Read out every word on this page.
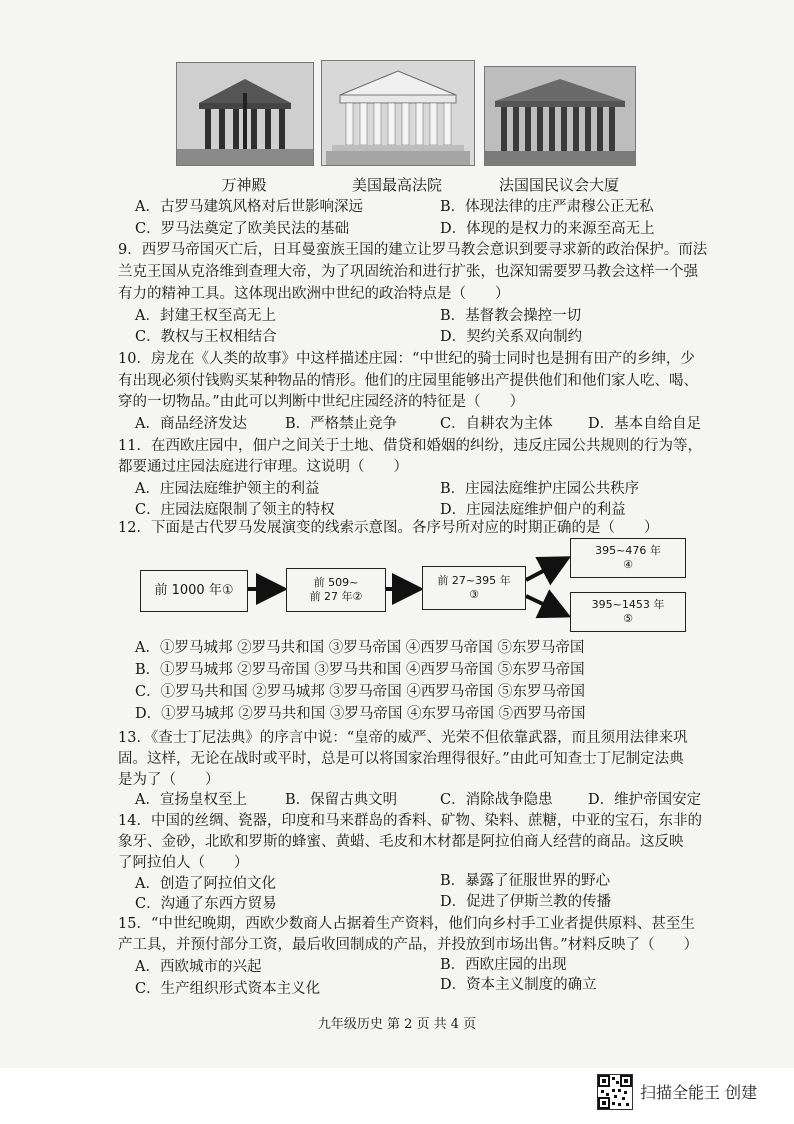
万神殿	美国最高法院	法国国民议会大厦
A．古罗马建筑风格对后世影响深远	B．体现法律的庄严肃穆公正无私
C．罗马法奠定了欧美民法的基础	D．体现的是权力的来源至高无上
9．西罗马帝国灭亡后，日耳曼蛮族王国的建立让罗马教会意识到要寻求新的政治保护。而法
兰克王国从克洛维到查理大帝，为了巩固统治和进行扩张，也深知需要罗马教会这样一个强
有力的精神工具。这体现出欧洲中世纪的政治特点是（　　）
A．封建王权至高无上	B．基督教会操控一切
C．教权与王权相结合	D．契约关系双向制约
10．房龙在《人类的故事》中这样描述庄园：“中世纪的骑士同时也是拥有田产的乡绅，少
有出现必须付钱购买某种物品的情形。他们的庄园里能够出产提供他们和他们家人吃、喝、
穿的一切物品。”由此可以判断中世纪庄园经济的特征是（　　）
A．商品经济发达	B．严格禁止竞争	C．自耕农为主体 D．基本自给自足
11．在西欧庄园中，佃户之间关于土地、借贷和婚姻的纠纷，违反庄园公共规则的行为等，
都要通过庄园法庭进行审理。这说明（　　）
A．庄园法庭维护领主的利益	B．庄园法庭维护庄园公共秩序
C．庄园法庭限制了领主的特权	D．庄园法庭维护佃户的利益
12．下面是古代罗马发展演变的线索示意图。各序号所对应的时期正确的是（　　）
前 1000 年①
前 509~
前 27 年②
前 27~395 年
③
395~476 年
④
395~1453 年
⑤
A．①罗马城邦 ②罗马共和国 ③罗马帝国 ④西罗马帝国 ⑤东罗马帝国
B．①罗马城邦 ②罗马帝国 ③罗马共和国 ④西罗马帝国 ⑤东罗马帝国
C．①罗马共和国 ②罗马城邦 ③罗马帝国 ④西罗马帝国 ⑤东罗马帝国
D．①罗马城邦 ②罗马共和国 ③罗马帝国 ④东罗马帝国 ⑤西罗马帝国
13．《查士丁尼法典》的序言中说：“皇帝的威严、光荣不但依靠武器，而且须用法律来巩
固。这样，无论在战时或平时，总是可以将国家治理得很好。”由此可知查士丁尼制定法典
是为了（　　）
A．宣扬皇权至上	B．保留古典文明	C．消除战争隐患 D．维护帝国安定
14．中国的丝绸、瓷器，印度和马来群岛的香料、矿物、染料、蔗糖，中亚的宝石，东非的
象牙、金砂，北欧和罗斯的蜂蜜、黄蜡、毛皮和木材都是阿拉伯商人经营的商品。这反映
了阿拉伯人（　　）
A．创造了阿拉伯文化	B．暴露了征服世界的野心
C．沟通了东西方贸易	D．促进了伊斯兰教的传播
15．“中世纪晚期，西欧少数商人占据着生产资料，他们向乡村手工业者提供原料、甚至生
产工具，并预付部分工资，最后收回制成的产品，并投放到市场出售。”材料反映了（　　）
A．西欧城市的兴起	B．西欧庄园的出现
C．生产组织形式资本主义化	D．资本主义制度的确立
九年级历史 第 2 页 共 4 页
扫描全能王 创建
